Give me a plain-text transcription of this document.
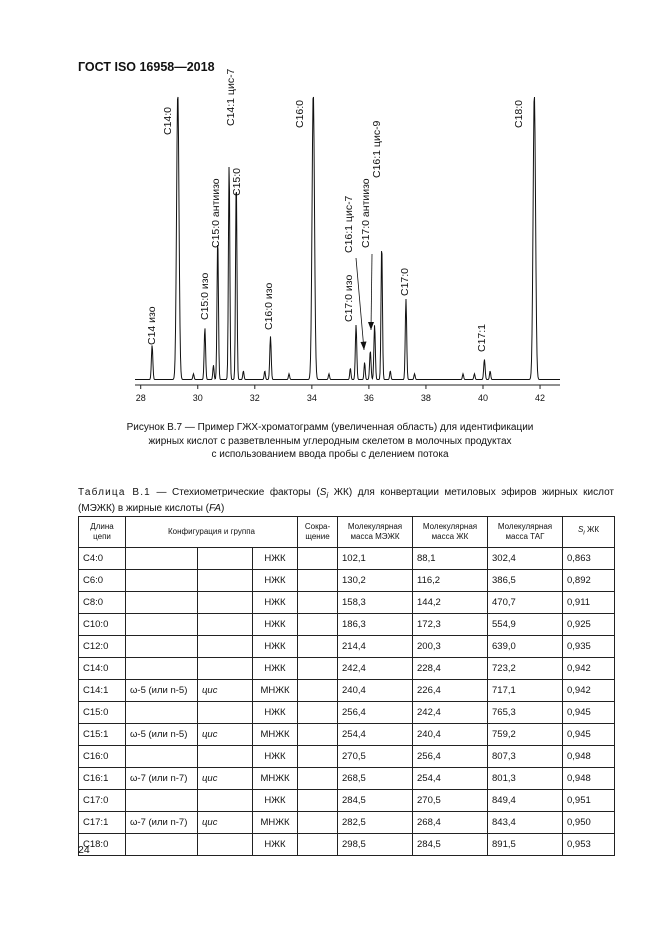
ГОСТ ISO 16958—2018
28	30	32	34	36	38	40	42
C14 изо
C14:0
C15:0 изо
C15:0 антиизо
C14:1 цис-7
C15:0
C16:0 изо
C16:0
C17:0 изо
C16:1 цис-7 C17:0 антиизо
C16:1 цис-9
C17:0
C17:1
C18:0
Рисунок В.7 — Пример ГЖХ-хроматограмм (увеличенная область) для идентификации
жирных кислот с разветвленным углеродным скелетом в молочных продуктах
с использованием ввода пробы с делением потока
Таблица В.1 — Стехиометрические факторы ($S_i$ ЖК) для конвертации метиловых эфиров жирных кислот (МЭЖК) в жирные кислоты (FA)
Длина цепи	Конфигурация и группа			Сокра-щение	Молекулярная масса МЭЖК	Молекулярная масса ЖК	Молекулярная масса ТАГ	$S_i$ ЖК
C4:0			НЖК		102,1	88,1	302,4	0,863
C6:0			НЖК		130,2	116,2	386,5	0,892
C8:0			НЖК		158,3	144,2	470,7	0,911
C10:0			НЖК		186,3	172,3	554,9	0,925
C12:0			НЖК		214,4	200,3	639,0	0,935
C14:0			НЖК		242,4	228,4	723,2	0,942
C14:1	ω-5 (или n-5)	цис	МНЖК		240,4	226,4	717,1	0,942
C15:0			НЖК		256,4	242,4	765,3	0,945
C15:1	ω-5 (или n-5)	цис	МНЖК		254,4	240,4	759,2	0,945
C16:0			НЖК		270,5	256,4	807,3	0,948
C16:1	ω-7 (или n-7)	цис	МНЖК		268,5	254,4	801,3	0,948
C17:0			НЖК		284,5	270,5	849,4	0,951
C17:1	ω-7 (или n-7)	цис	МНЖК		282,5	268,4	843,4	0,950
C18:0			НЖК		298,5	284,5	891,5	0,953
24
